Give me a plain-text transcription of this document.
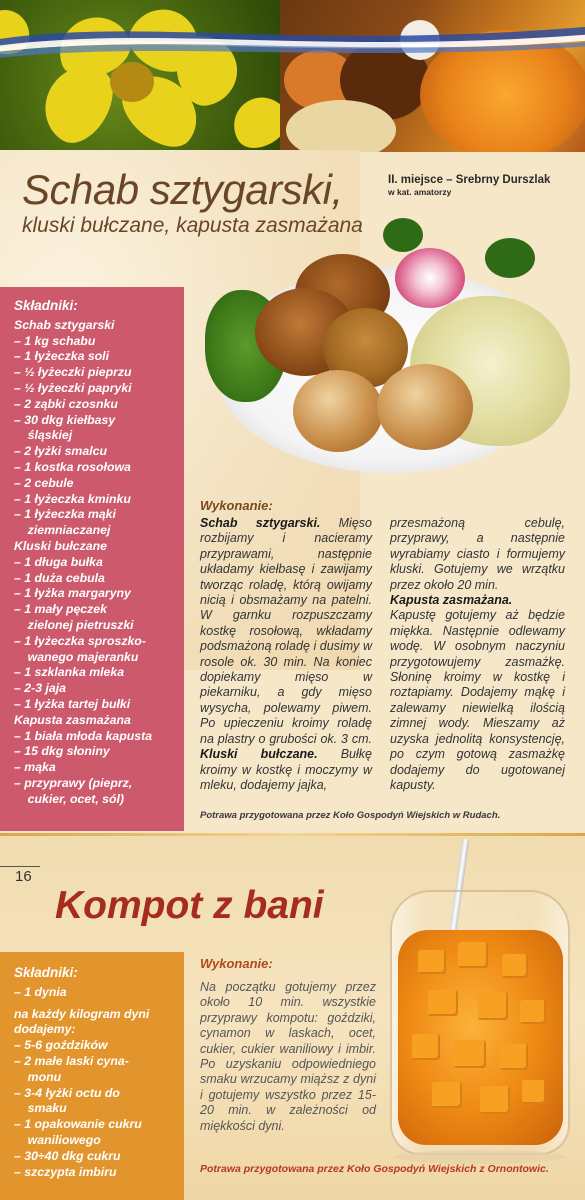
Schab sztygarski,
kluski bułczane, kapusta zasmażana
II. miejsce – Srebrny Durszlak
w kat. amatorzy
Składniki:
Schab sztygarski
– 1 kg schabu
– 1 łyżeczka soli
– ½ łyżeczki pieprzu
– ½ łyżeczki papryki
– 2 ząbki czosnku
– 30 dkg kiełbasy
śląskiej
– 2 łyżki smalcu
– 1 kostka rosołowa
– 2 cebule
– 1 łyżeczka kminku
– 1 łyżeczka mąki
ziemniaczanej
Kluski bułczane
– 1 długa bułka
– 1 duża cebula
– 1 łyżka margaryny
– 1 mały pęczek
zielonej pietruszki
– 1 łyżeczka sproszko-
wanego majeranku
– 1 szklanka mleka
– 2-3 jaja
– 1 łyżka tartej bułki
Kapusta zasmażana
– 1 biała młoda kapusta
– 15 dkg słoniny
– mąka
– przyprawy (pieprz,
cukier, ocet, sól)
Wykonanie:
Schab sztygarski. Mięso rozbijamy i nacieramy przyprawami, następnie układamy kiełbasę i zawijamy tworząc roladę, którą owijamy nicią i obsmażamy na patelni. W garnku rozpuszczamy kostkę rosołową, wkładamy podsmażoną roladę i dusimy w rosole ok. 30 min. Na koniec dopiekamy mięso w piekarniku, a gdy mięso wysycha, polewamy piwem. Po upieczeniu kroimy roladę na plastry o grubości ok. 3 cm. Kluski bułczane. Bułkę kroimy w kostkę i moczymy w mleku, dodajemy jajka,
przesmażoną cebulę, przyprawy, a następnie wyrabiamy ciasto i formujemy kluski. Gotujemy we wrzątku przez około 20 min.
Kapusta zasmażana.
Kapustę gotujemy aż będzie miękka. Następnie odlewamy wodę. W osobnym naczyniu przygotowujemy zasmażkę. Słoninę kroimy w kostkę i roztapiamy. Dodajemy mąkę i zalewamy niewielką ilością zimnej wody. Mieszamy aż uzyska jednolitą konsystencję, po czym gotową zasmażkę dodajemy do ugotowanej kapusty.
Potrawa przygotowana przez Koło Gospodyń Wiejskich w Rudach.
16
Kompot z bani
Składniki:
– 1 dynia

na każdy kilogram dyni
dodajemy:
– 5-6 goździków
– 2 małe laski cyna-
monu
– 3-4 łyżki octu do
smaku
– 1 opakowanie cukru
waniliowego
– 30÷40 dkg cukru
– szczypta imbiru
Wykonanie:
Na początku gotujemy przez około 10 min. wszystkie przyprawy kompotu: goździki, cynamon w laskach, ocet, cukier, cukier waniliowy i imbir. Po uzyskaniu odpowiedniego smaku wrzucamy miąższ z dyni i gotujemy wszystko przez 15-20 min. w zależności od miękkości dyni.
Potrawa przygotowana przez Koło Gospodyń Wiejskich z Ornontowic.
